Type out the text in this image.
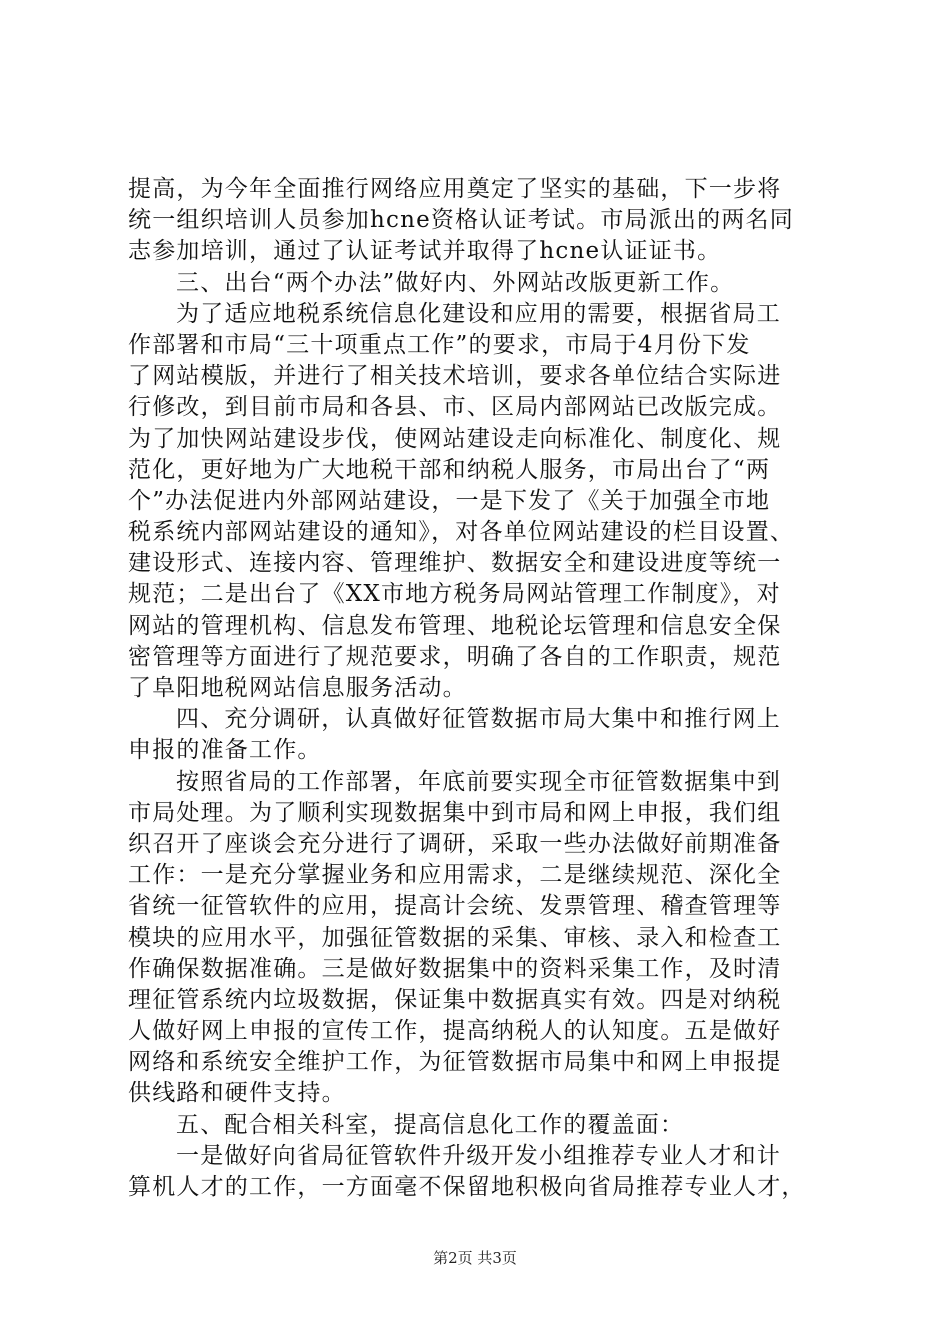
提高，为今年全面推行网络应用奠定了坚实的基础，下一步将
统一组织培训人员参加hcne资格认证考试。市局派出的两名同
志参加培训，通过了认证考试并取得了hcne认证证书。
三、出台“两个办法”做好内、外网站改版更新工作。
为了适应地税系统信息化建设和应用的需要，根据省局工
作部署和市局“三十项重点工作”的要求，市局于4月份下发
了网站模版，并进行了相关技术培训，要求各单位结合实际进
行修改，到目前市局和各县、市、区局内部网站已改版完成。
为了加快网站建设步伐，使网站建设走向标准化、制度化、规
范化，更好地为广大地税干部和纳税人服务，市局出台了“两
个”办法促进内外部网站建设，一是下发了《关于加强全市地
税系统内部网站建设的通知》，对各单位网站建设的栏目设置、
建设形式、连接内容、管理维护、数据安全和建设进度等统一
规范；二是出台了《XX市地方税务局网站管理工作制度》，对
网站的管理机构、信息发布管理、地税论坛管理和信息安全保
密管理等方面进行了规范要求，明确了各自的工作职责，规范
了阜阳地税网站信息服务活动。
四、充分调研，认真做好征管数据市局大集中和推行网上
申报的准备工作。
按照省局的工作部署，年底前要实现全市征管数据集中到
市局处理。为了顺利实现数据集中到市局和网上申报，我们组
织召开了座谈会充分进行了调研，采取一些办法做好前期准备
工作：一是充分掌握业务和应用需求，二是继续规范、深化全
省统一征管软件的应用，提高计会统、发票管理、稽查管理等
模块的应用水平，加强征管数据的采集、审核、录入和检查工
作确保数据准确。三是做好数据集中的资料采集工作，及时清
理征管系统内垃圾数据，保证集中数据真实有效。四是对纳税
人做好网上申报的宣传工作，提高纳税人的认知度。五是做好
网络和系统安全维护工作，为征管数据市局集中和网上申报提
供线路和硬件支持。
五、配合相关科室，提高信息化工作的覆盖面：
一是做好向省局征管软件升级开发小组推荐专业人才和计
算机人才的工作，一方面毫不保留地积极向省局推荐专业人才，
第2页 共3页
